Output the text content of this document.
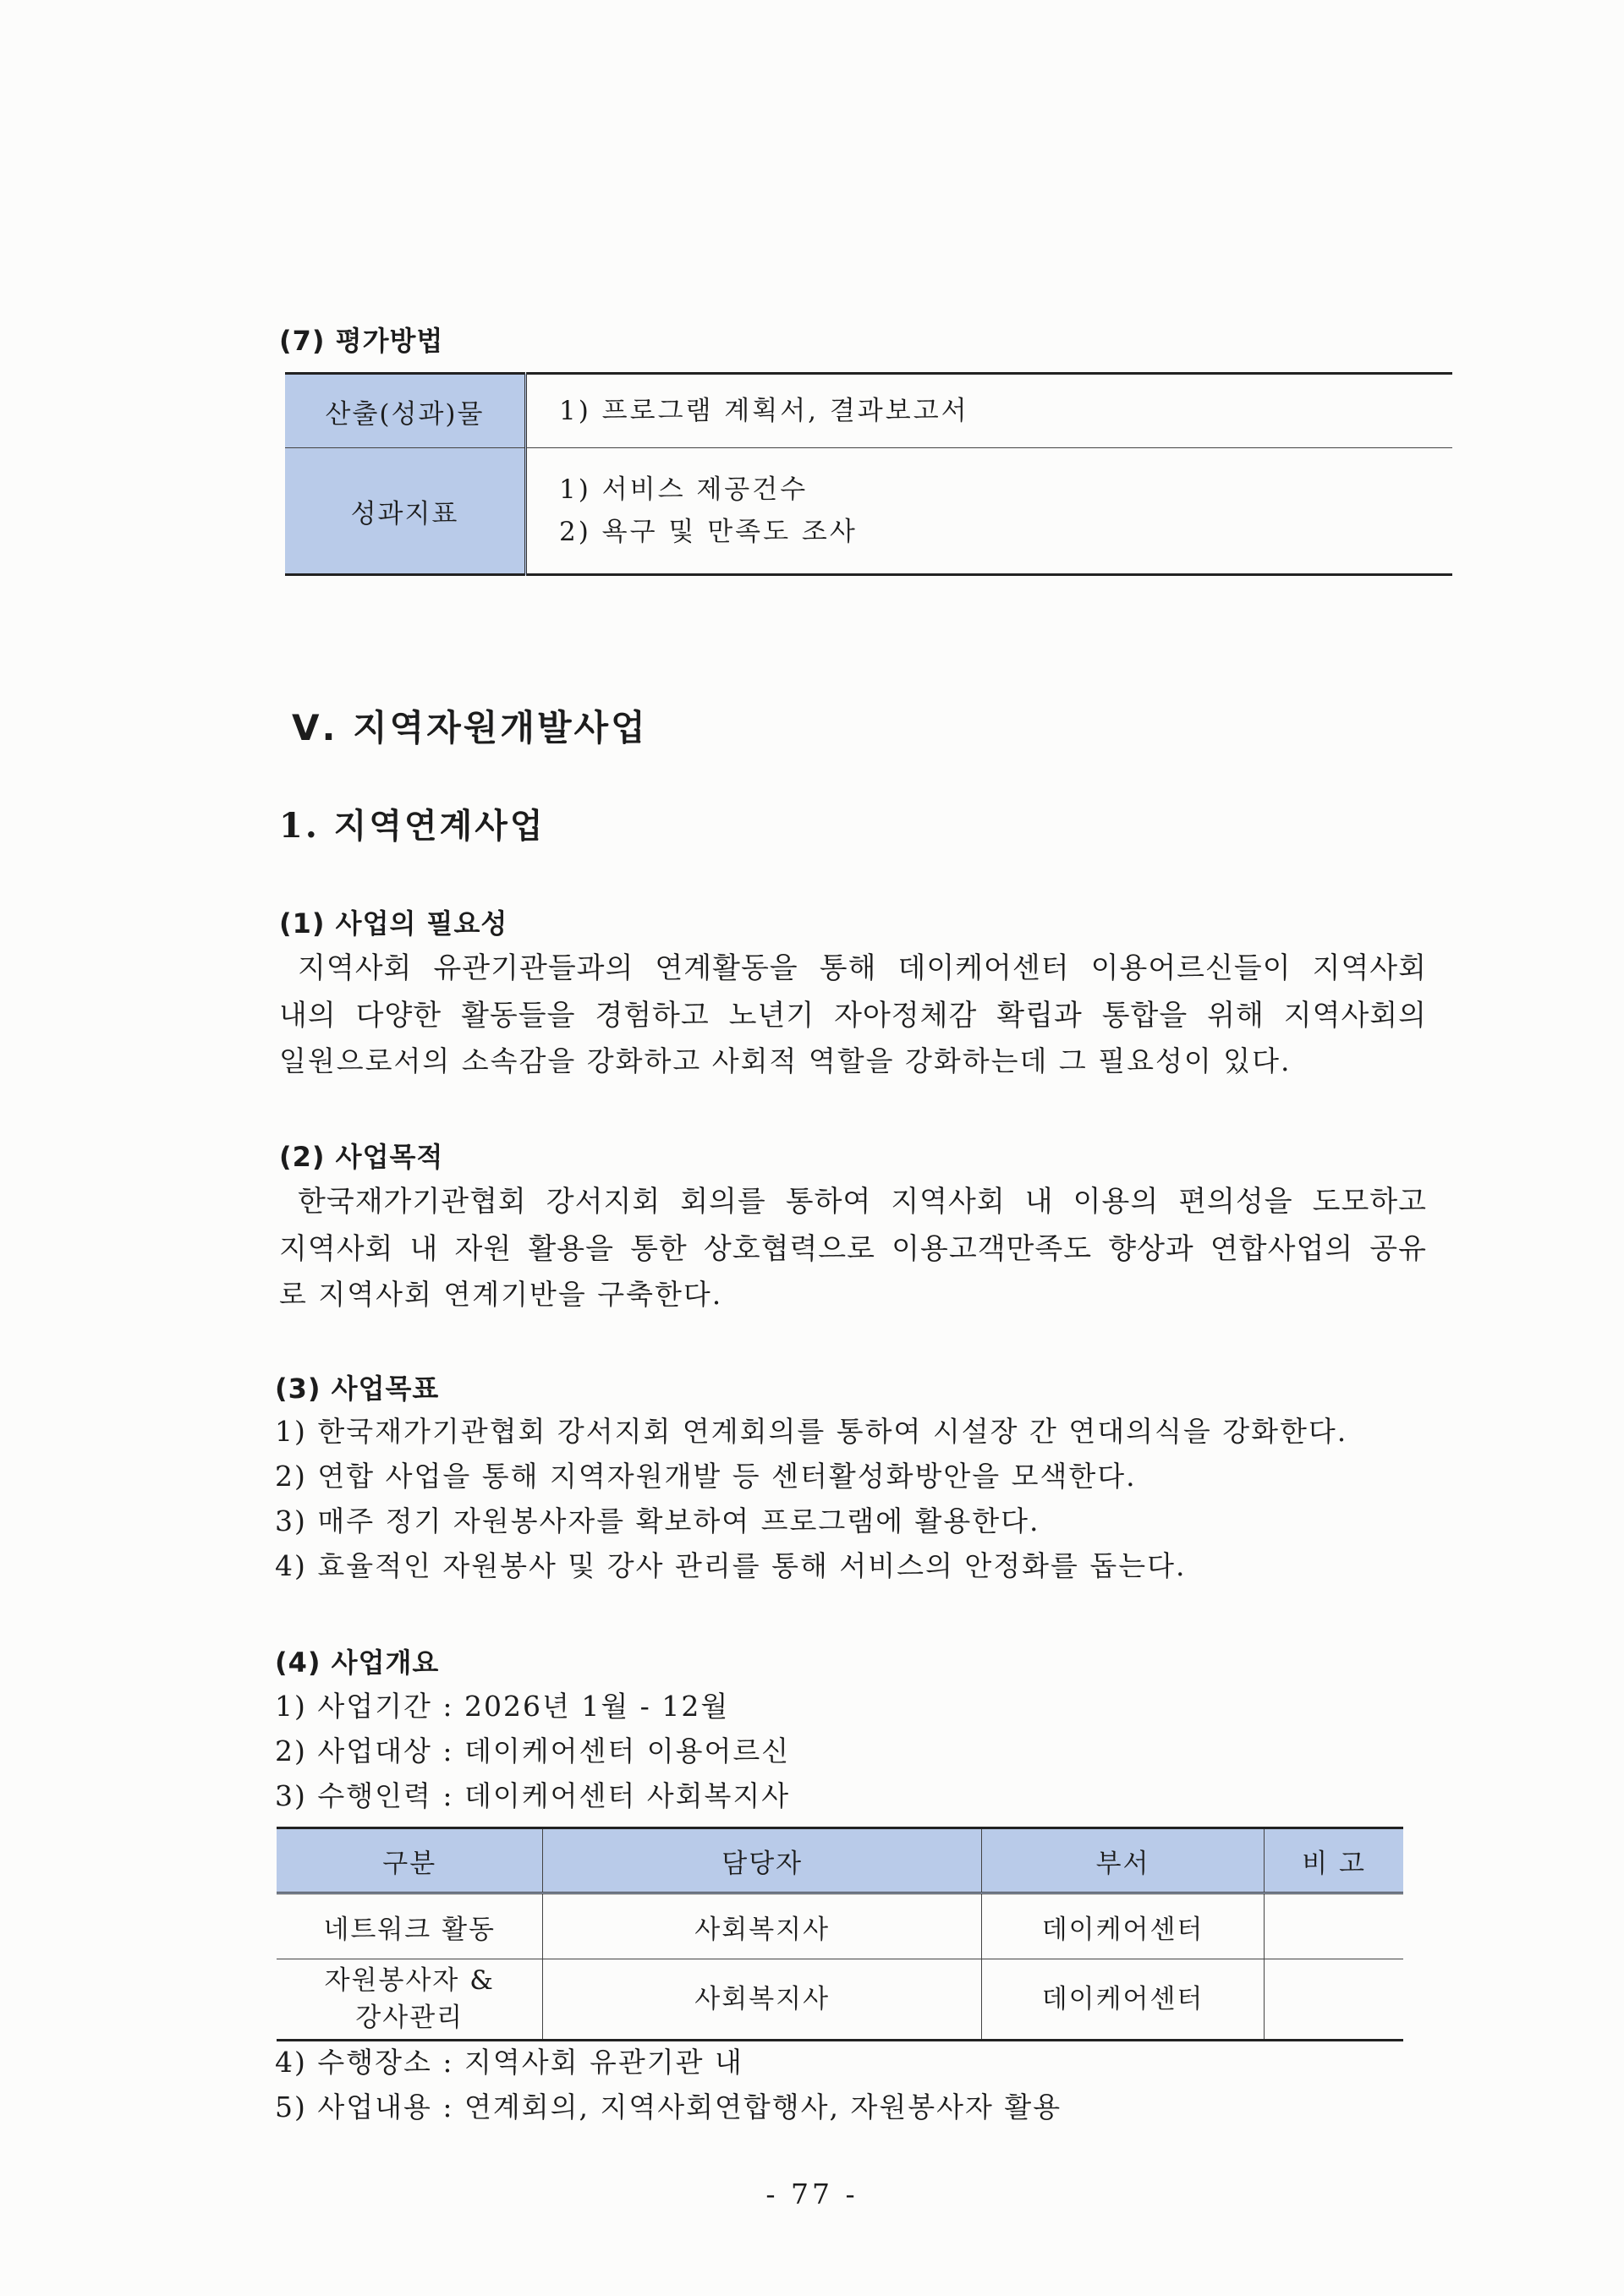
(7) 평가방법
산출(성과)물	1) 프로그램 계획서, 결과보고서

성과지표	1) 서비스 제공건수
2) 욕구 및 만족도 조사
Ⅴ. 지역자원개발사업
1. 지역연계사업
(1) 사업의 필요성
지역사회 유관기관들과의 연계활동을 통해 데이케어센터 이용어르신들이 지역사회
내의 다양한 활동들을 경험하고 노년기 자아정체감 확립과 통합을 위해 지역사회의
일원으로서의 소속감을 강화하고 사회적 역할을 강화하는데 그 필요성이 있다.
(2) 사업목적
한국재가기관협회 강서지회 회의를 통하여 지역사회 내 이용의 편의성을 도모하고
지역사회 내 자원 활용을 통한 상호협력으로 이용고객만족도 향상과 연합사업의 공유
로 지역사회 연계기반을 구축한다.
(3) 사업목표
1) 한국재가기관협회 강서지회 연계회의를 통하여 시설장 간 연대의식을 강화한다.
2) 연합 사업을 통해 지역자원개발 등 센터활성화방안을 모색한다.
3) 매주 정기 자원봉사자를 확보하여 프로그램에 활용한다.
4) 효율적인 자원봉사 및 강사 관리를 통해 서비스의 안정화를 돕는다.
(4) 사업개요
1) 사업기간 : 2026년 1월 - 12월
2) 사업대상 : 데이케어센터 이용어르신
3) 수행인력 : 데이케어센터 사회복지사
구분	담당자	부서	비 고
네트워크 활동	사회복지사	데이케어센터	

자원봉사자 &
강사관리	사회복지사	데이케어센터	
4) 수행장소 : 지역사회 유관기관 내
5) 사업내용 : 연계회의, 지역사회연합행사, 자원봉사자 활용
- 77 -
